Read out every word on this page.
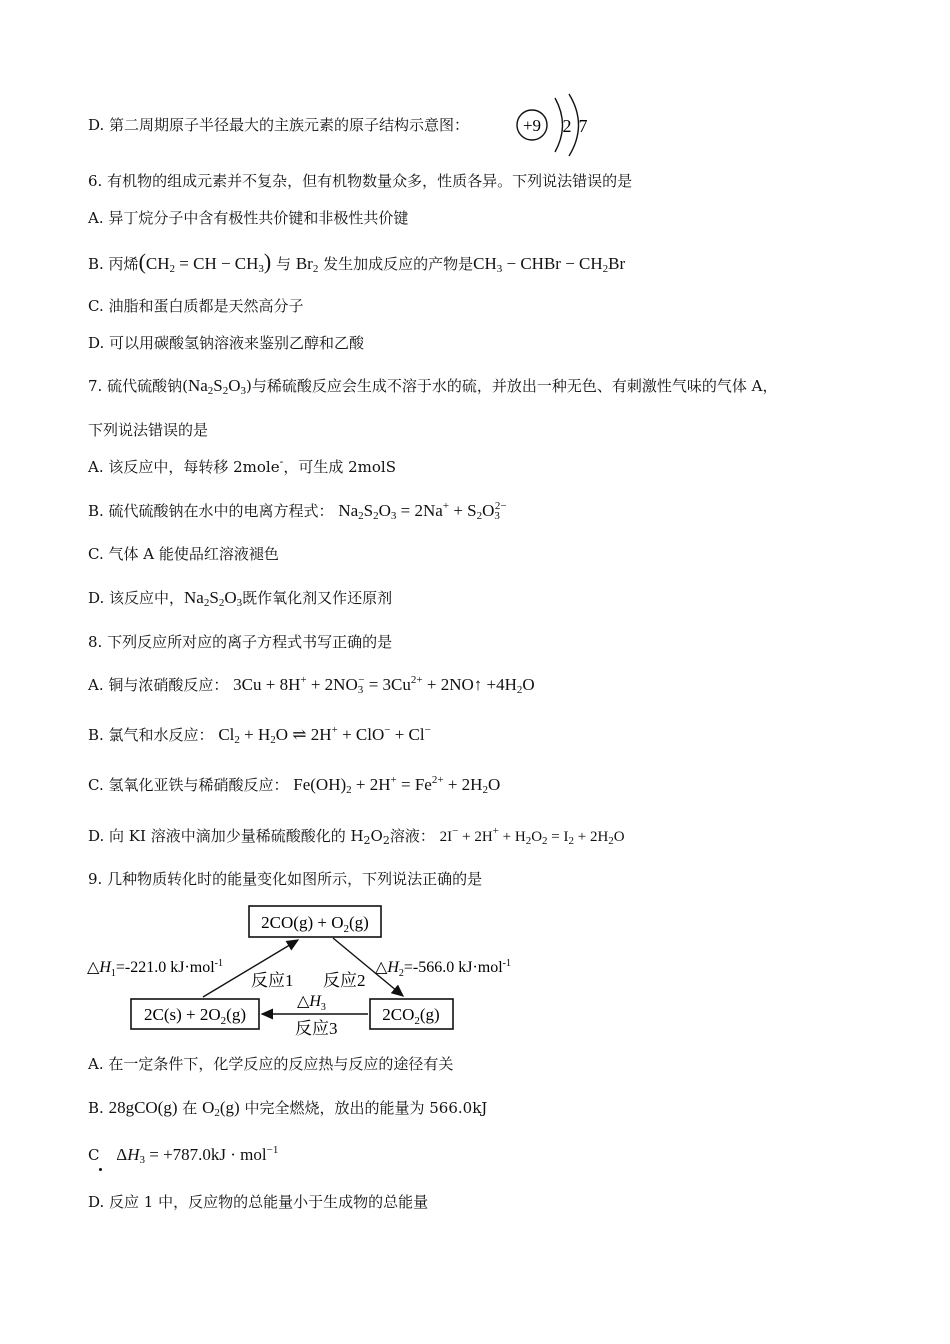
D. 第二周期原子半径最大的主族元素的原子结构示意图：	+9 2 7
6. 有机物的组成元素并不复杂，但有机物数量众多，性质各异。下列说法错误的是
A. 异丁烷分子中含有极性共价键和非极性共价键
B. 丙烯($CH_2$ = CH − $CH_3$) 与 $Br_2$ 发生加成反应的产物是$CH_3$ − CHBr − $CH_2Br$
C. 油脂和蛋白质都是天然高分子
D. 可以用碳酸氢钠溶液来鉴别乙醇和乙酸
7. 硫代硫酸钠$(Na_2S_2O_3)$与稀硫酸反应会生成不溶于水的硫，并放出一种无色、有刺激性气味的气体 A，
下列说法错误的是
A. 该反应中，每转移 2mole-，可生成 2molS
B. 硫代硫酸钠在水中的电离方程式： $Na_2S_2O_3 = 2Na^+ + S_2O_3^{2-}$
C. 气体 A 能使品红溶液褪色
D. 该反应中，$Na_2S_2O_3$既作氧化剂又作还原剂
8. 下列反应所对应的离子方程式书写正确的是
A. 铜与浓硝酸反应： $3Cu + 8H^+ + 2NO_3^- = 3Cu^{2+}$ + 2NO↑ $+4H_2O$
B. 氯气和水反应： $Cl_2 + H_2O$ ⇌ 2H+ + ClO− + Cl−
C. 氢氧化亚铁与稀硝酸反应： $Fe(OH)_2 + 2H^+ = Fe^{2+} + 2H_2O$
D. 向 KI 溶液中滴加少量稀硫酸酸化的 $H_2O_2$溶液： $2I^- + 2H^+ + H_2O_2 = I_2 + 2H_2O$
9. 几种物质转化时的能量变化如图所示，下列说法正确的是
$2CO(g) + O_2(g)$
$2C(s) + 2O_2(g)$	$2CO_2(g)$
$\triangle H_1=-221.0$ kJ·mol$^{-1}$	$\triangle H_2=-566.0$ kJ·mol$^{-1}$
反应1 反应2
$\triangle H_3$
反应3
A. 在一定条件下，化学反应的反应热与反应的途径有关
B. 28gCO(g) 在 $O_2(g)$ 中完全燃烧，放出的能量为 566.0kJ
C $\Delta H_3 = +787.0kJ \cdot mol^{-1}$
D. 反应 1 中，反应物的总能量小于生成物的总能量
